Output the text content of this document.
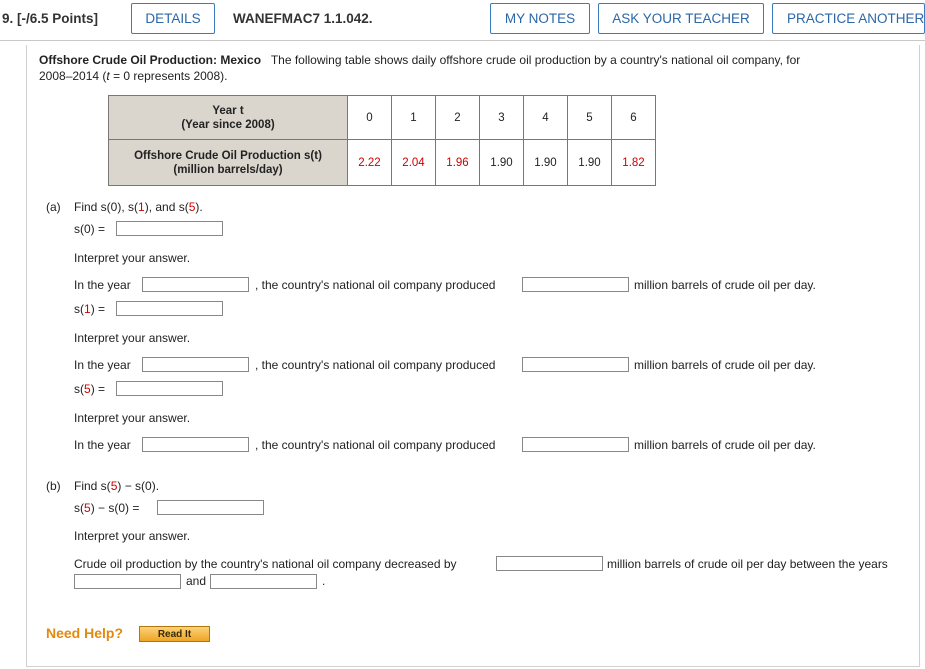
9. [-/6.5 Points]	DETAILS	WANEFMAC7 1.1.042.	MY NOTES	ASK YOUR TEACHER	PRACTICE ANOTHER
Offshore Crude Oil Production: Mexico The following table shows daily offshore crude oil production by a country's national oil company, for
2008–2014 (t = 0 represents 2008).
Year t
(Year since 2008)	0	1	2	3	4	5	6
Offshore Crude Oil Production s(t)
(million barrels/day)	2.22	2.04	1.96	1.90	1.90	1.90	1.82
(a) Find s(0), s(1), and s(5).
s(0) =
Interpret your answer.
In the year	, the country's national oil company produced	million barrels of crude oil per day.
s(1) =
Interpret your answer.
In the year	, the country's national oil company produced	million barrels of crude oil per day.
s(5) =
Interpret your answer.
In the year	, the country's national oil company produced	million barrels of crude oil per day.
(b) Find s(5) − s(0).
s(5) − s(0) =
Interpret your answer.
Crude oil production by the country's national oil company decreased by	million barrels of crude oil per day between the years
and	.
Need Help?	Read It
